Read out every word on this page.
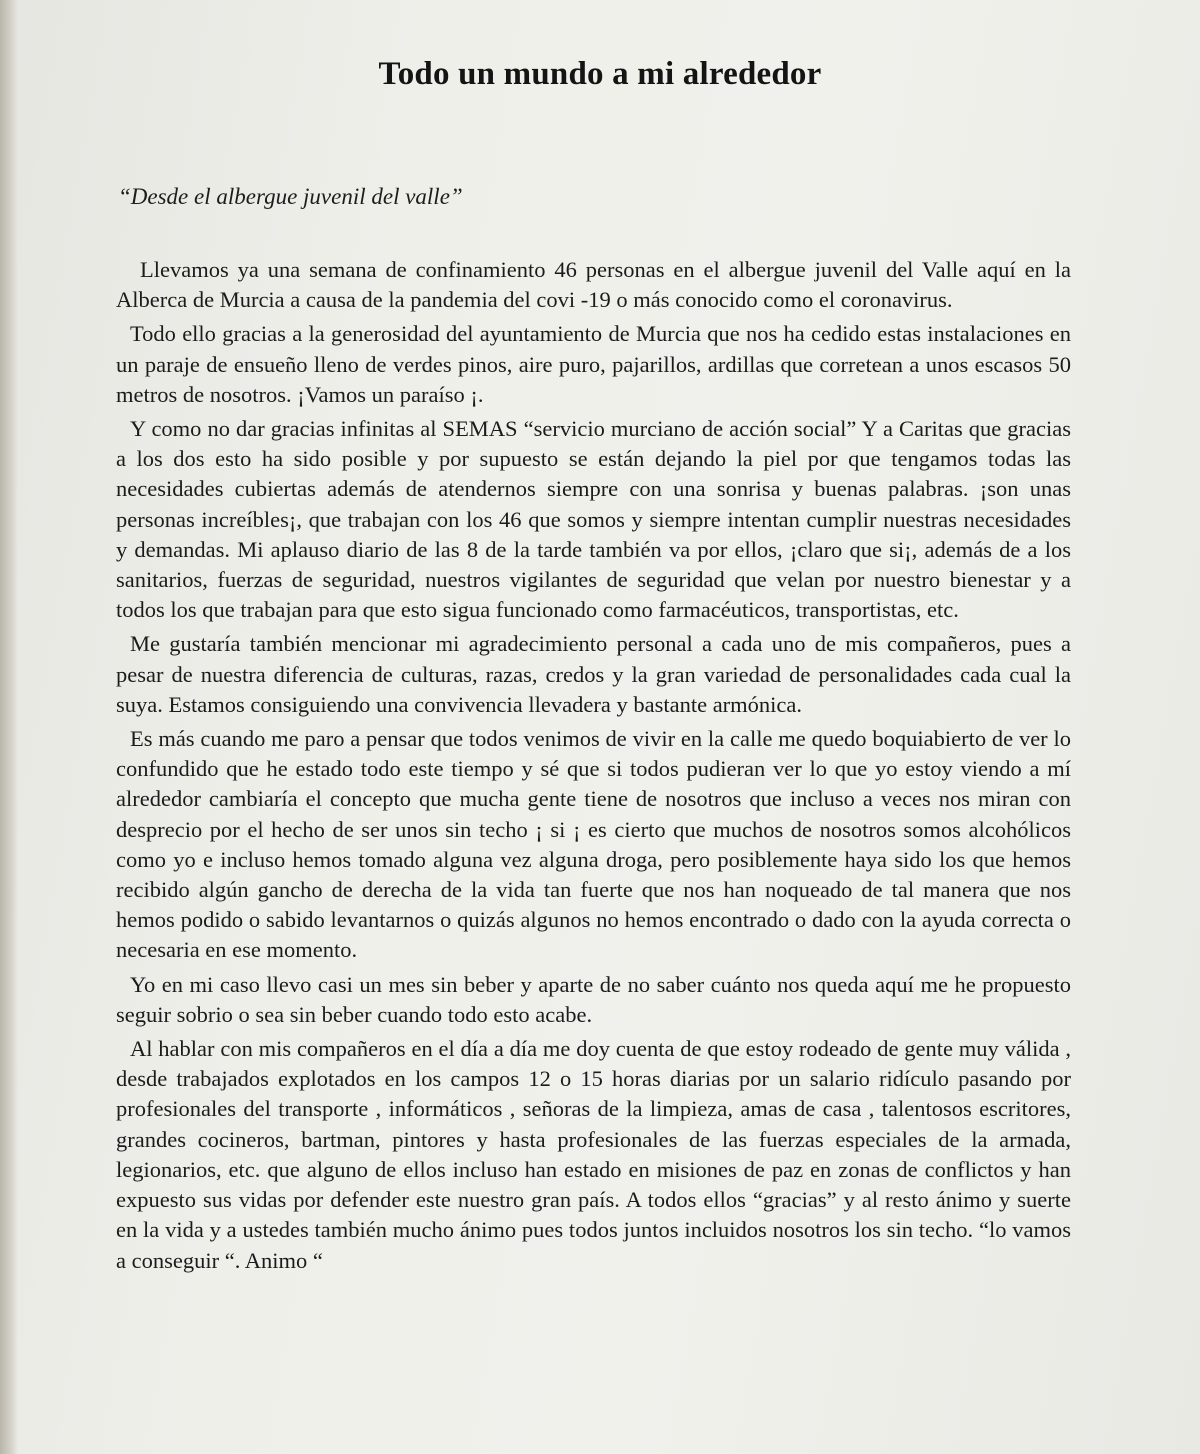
Todo un mundo a mi alrededor

“Desde el albergue juvenil del valle”

Llevamos ya una semana de confinamiento 46 personas en el albergue juvenil del Valle aquí en la Alberca de Murcia a causa de la pandemia del covi -19 o más conocido como el coronavirus.

Todo ello gracias a la generosidad del ayuntamiento de Murcia que nos ha cedido estas instalaciones en un paraje de ensueño lleno de verdes pinos, aire puro, pajarillos, ardillas que corretean a unos escasos 50 metros de nosotros. ¡Vamos un paraíso ¡.

Y como no dar gracias infinitas al SEMAS “servicio murciano de acción social” Y a Caritas que gracias a los dos esto ha sido posible y por supuesto se están dejando la piel por que tengamos todas las necesidades cubiertas además de atendernos siempre con una sonrisa y buenas palabras. ¡son unas personas increíbles¡, que trabajan con los 46 que somos y siempre intentan cumplir nuestras necesidades y demandas. Mi aplauso diario de las 8 de la tarde también va por ellos, ¡claro que si¡, además de a los sanitarios, fuerzas de seguridad, nuestros vigilantes de seguridad que velan por nuestro bienestar y a todos los que trabajan para que esto sigua funcionado como farmacéuticos, transportistas, etc.

Me gustaría también mencionar mi agradecimiento personal a cada uno de mis compañeros, pues a pesar de nuestra diferencia de culturas, razas, credos y la gran variedad de personalidades cada cual la suya. Estamos consiguiendo una convivencia llevadera y bastante armónica.

Es más cuando me paro a pensar que todos venimos de vivir en la calle me quedo boquiabierto de ver lo confundido que he estado todo este tiempo y sé que si todos pudieran ver lo que yo estoy viendo a mí alrededor cambiaría el concepto que mucha gente tiene de nosotros que incluso a veces nos miran con desprecio por el hecho de ser unos sin techo ¡ si ¡ es cierto que muchos de nosotros somos alcohólicos como yo e incluso hemos tomado alguna vez alguna droga, pero posiblemente haya sido los que hemos recibido algún gancho de derecha de la vida tan fuerte que nos han noqueado de tal manera que nos hemos podido o sabido levantarnos o quizás algunos no hemos encontrado o dado con la ayuda correcta o necesaria en ese momento.

Yo en mi caso llevo casi un mes sin beber y aparte de no saber cuánto nos queda aquí me he propuesto seguir sobrio o sea sin beber cuando todo esto acabe.

Al hablar con mis compañeros en el día a día me doy cuenta de que estoy rodeado de gente muy válida , desde trabajados explotados en los campos 12 o 15 horas diarias por un salario ridículo pasando por profesionales del transporte , informáticos , señoras de la limpieza, amas de casa , talentosos escritores, grandes cocineros, bartman, pintores y hasta profesionales de las fuerzas especiales de la armada, legionarios, etc. que alguno de ellos incluso han estado en misiones de paz en zonas de conflictos y han expuesto sus vidas por defender este nuestro gran país. A todos ellos “gracias” y al resto ánimo y suerte en la vida y a ustedes también mucho ánimo pues todos juntos incluidos nosotros los sin techo. “lo vamos a conseguir “. Animo “
